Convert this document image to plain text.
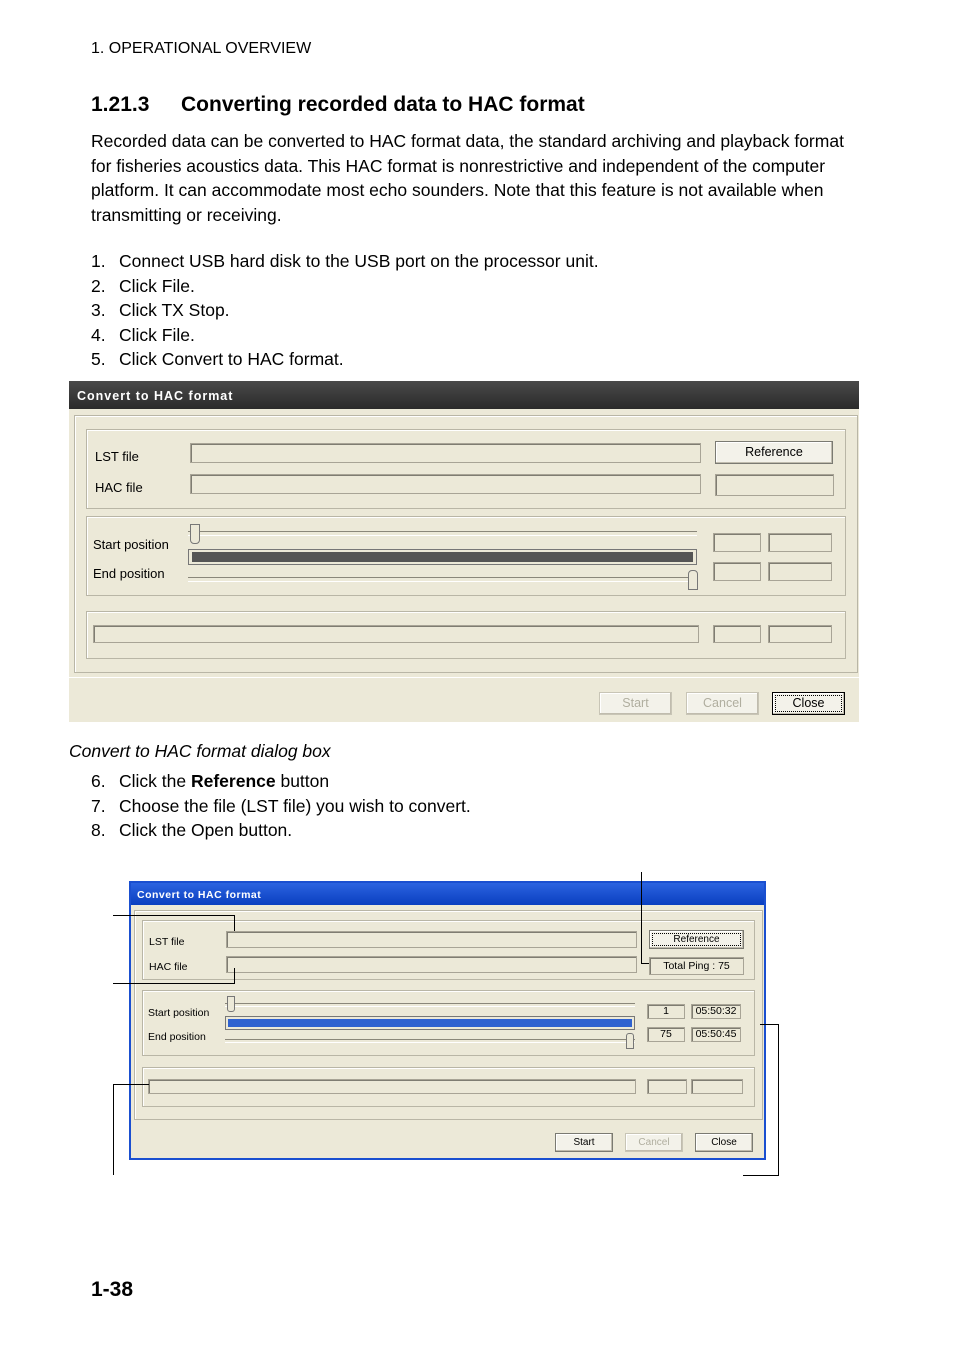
1. OPERATIONAL OVERVIEW
1.21.3 Converting recorded data to HAC format

Recorded data can be converted to HAC format data, the standard archiving and playback format for fisheries acoustics data. This HAC format is nonrestrictive and independent of the computer platform. It can accommodate most echo sounders. Note that this feature is not available when transmitting or receiving.

1. Connect USB hard disk to the USB port on the processor unit.
2. Click File.
3. Click TX Stop.
4. Click File.
5. Click Convert to HAC format.
Convert to HAC format
LST file
HAC file
Reference
Start position
End position
Start	Cancel	Close
Convert to HAC format dialog box
6. Click the Reference button
7. Choose the file (LST file) you wish to convert.
8. Click the Open button.
Convert to HAC format
LST file
HAC file
Reference
Total Ping : 75
Start position
End position
1	05:50:32
75	05:50:45
Start	Cancel	Close
1-38
